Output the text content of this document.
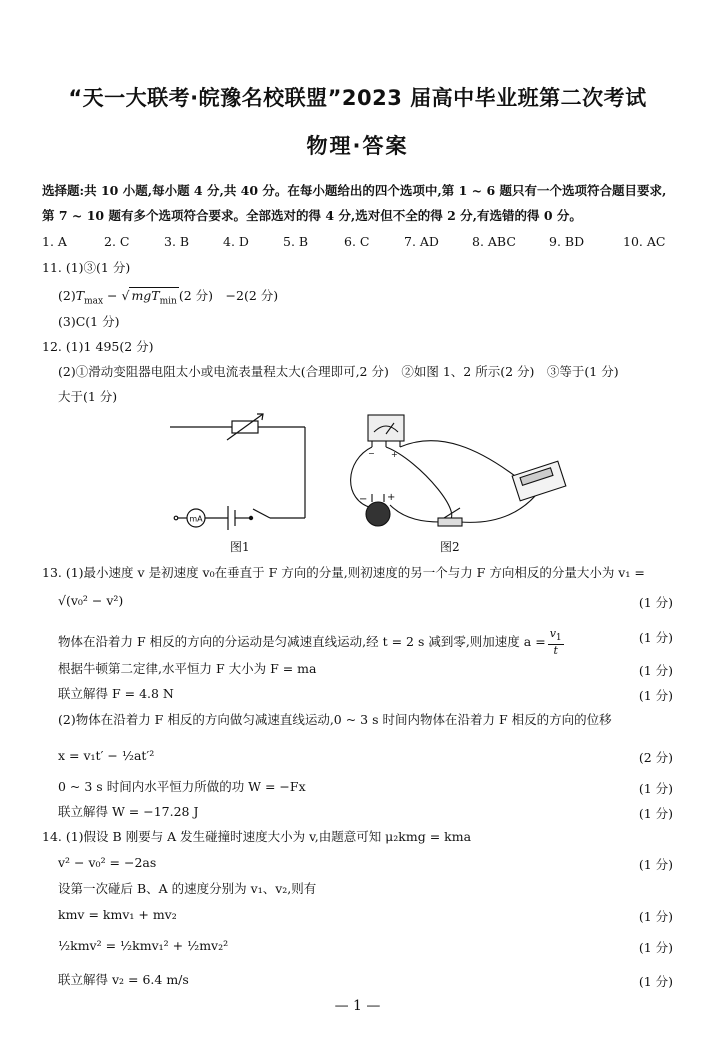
“天一大联考·皖豫名校联盟”2023 届高中毕业班第二次考试
物理·答案
选择题:共 10 小题,每小题 4 分,共 40 分。在每小题给出的四个选项中,第 1 ~ 6 题只有一个选项符合题目要求,
第 7 ~ 10 题有多个选项符合要求。全部选对的得 4 分,选对但不全的得 2 分,有选错的得 0 分。
1. A	2. C	3. B	4. D	5. B	6. C	7. AD	8. ABC	9. BD	10. AC
11. (1)③(1 分)
$(2)T_{max}$ − √ mgT$_{min}$ (2 分)　−2(2 分)
(3)C(1 分)
12. (1)1 495(2 分)
(2)①滑动变阻器电阻太小或电流表量程太大(合理即可,2 分)　②如图 1、2 所示(2 分)　③等于(1 分)
大于(1 分)
mA
图1
− +
− +
图2
13. (1)最小速度 v 是初速度 v₀在垂直于 F 方向的分量,则初速度的另一个与力 F 方向相反的分量大小为 v₁ =
√(v₀² − v²)	(1 分)
物体在沿着力 F 相反的方向的分运动是匀减速直线运动,经 t = 2 s 减到零,则加速度 $a = \frac{v_1}{t}$	(1 分)
根据牛顿第二定律,水平恒力 F 大小为 F = ma	(1 分)
联立解得 F = 4.8 N	(1 分)
(2)物体在沿着力 F 相反的方向做匀减速直线运动,0 ~ 3 s 时间内物体在沿着力 F 相反的方向的位移
x = v₁t′ − ½at′²	(2 分)
0 ~ 3 s 时间内水平恒力所做的功 W = −Fx	(1 分)
联立解得 W = −17.28 J	(1 分)
14. (1)假设 B 刚要与 A 发生碰撞时速度大小为 v,由题意可知 μ₂kmg = kma
v² − v₀² = −2as	(1 分)
设第一次碰后 B、A 的速度分别为 v₁、v₂,则有
kmv = kmv₁ + mv₂	(1 分)
½kmv² = ½kmv₁² + ½mv₂²	(1 分)
联立解得 v₂ = 6.4 m/s	(1 分)
— 1 —
